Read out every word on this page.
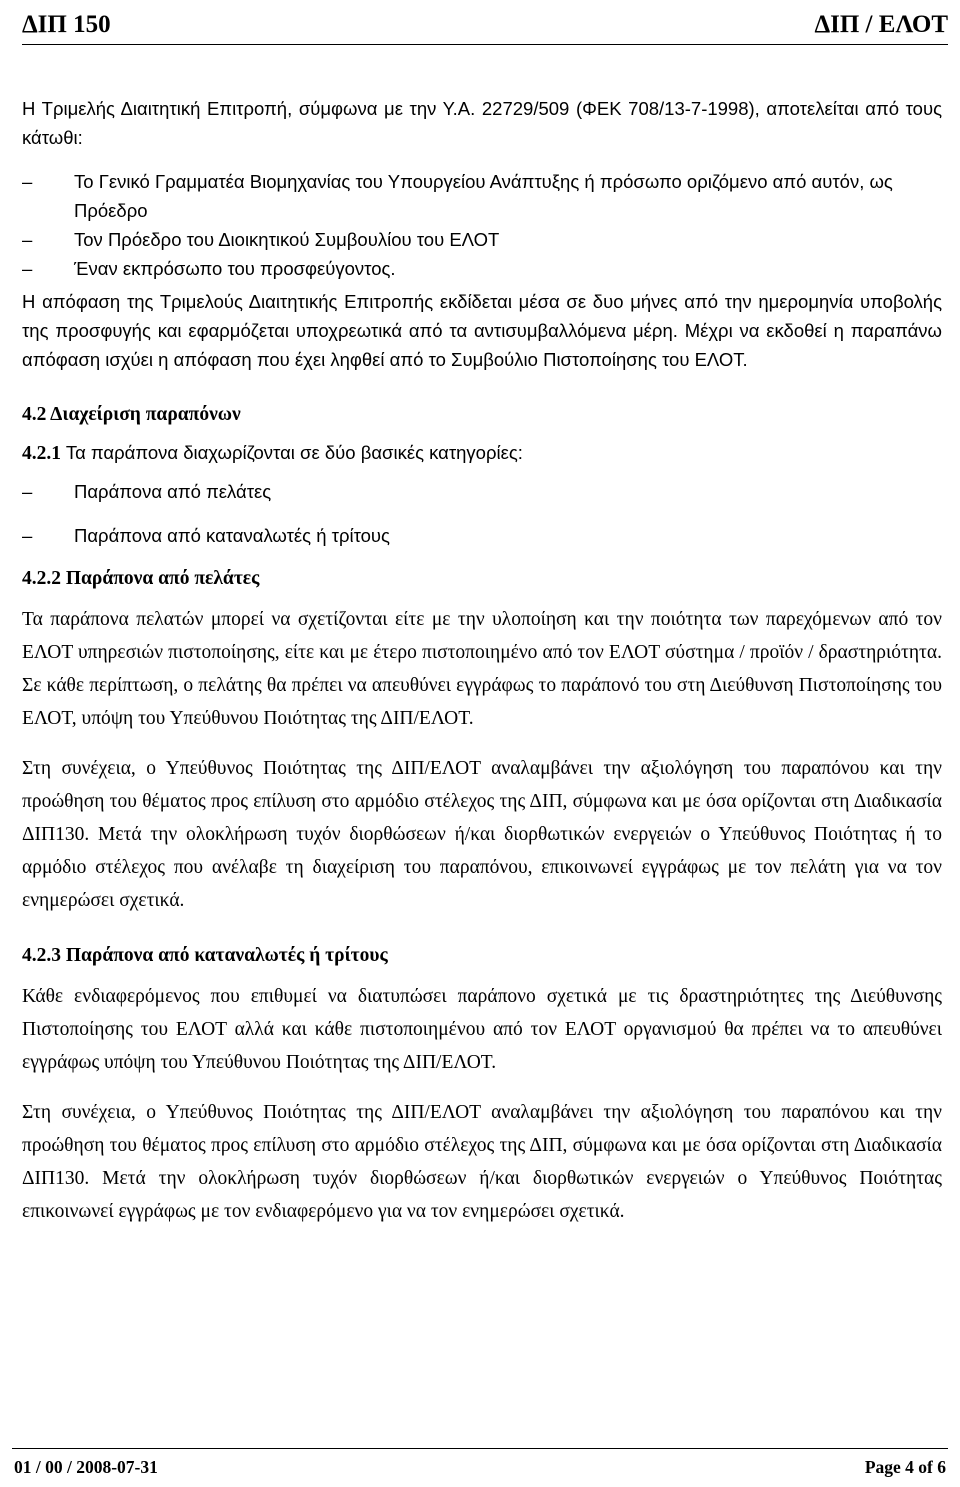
ΔΙΠ 150	ΔΙΠ / ΕΛΟΤ

Η Τριμελής Διαιτητική Επιτροπή, σύμφωνα με την Υ.Α. 22729/509 (ΦΕΚ 708/13-7-1998), αποτελείται από τους κάτωθι:

– Το Γενικό Γραμματέα Βιομηχανίας του Υπουργείου Ανάπτυξης ή πρόσωπο οριζόμενο από αυτόν, ως Πρόεδρο
– Τον Πρόεδρο του Διοικητικού Συμβουλίου του ΕΛΟΤ
– Έναν εκπρόσωπο του προσφεύγοντος.

Η απόφαση της Τριμελούς Διαιτητικής Επιτροπής εκδίδεται μέσα σε δυο μήνες από την ημερομηνία υποβολής της προσφυγής και εφαρμόζεται υποχρεωτικά από τα αντισυμβαλλόμενα μέρη. Μέχρι να εκδοθεί η παραπάνω απόφαση ισχύει η απόφαση που έχει ληφθεί από το Συμβούλιο Πιστοποίησης του ΕΛΟΤ.

4.2 Διαχείριση παραπόνων

4.2.1 Τα παράπονα διαχωρίζονται σε δύο βασικές κατηγορίες:

– Παράπονα από πελάτες
– Παράπονα από καταναλωτές ή τρίτους
4.2.2 Παράπονα από πελάτες

Τα παράπονα πελατών μπορεί να σχετίζονται είτε με την υλοποίηση και την ποιότητα των παρεχόμενων από τον ΕΛΟΤ υπηρεσιών πιστοποίησης, είτε και με έτερο πιστοποιημένο από τον ΕΛΟΤ σύστημα / προϊόν / δραστηριότητα. Σε κάθε περίπτωση, ο πελάτης θα πρέπει να απευθύνει εγγράφως το παράπονό του στη Διεύθυνση Πιστοποίησης του ΕΛΟΤ, υπόψη του Υπεύθυνου Ποιότητας της ΔΙΠ/ΕΛΟΤ.

Στη συνέχεια, ο Υπεύθυνος Ποιότητας της ΔΙΠ/ΕΛΟΤ αναλαμβάνει την αξιολόγηση του παραπόνου και την προώθηση του θέματος προς επίλυση στο αρμόδιο στέλεχος της ΔΙΠ, σύμφωνα και με όσα ορίζονται στη Διαδικασία ΔΙΠ130. Μετά την ολοκλήρωση τυχόν διορθώσεων ή/και διορθωτικών ενεργειών ο Υπεύθυνος Ποιότητας ή το αρμόδιο στέλεχος που ανέλαβε τη διαχείριση του παραπόνου, επικοινωνεί εγγράφως με τον πελάτη για να τον ενημερώσει σχετικά.

4.2.3 Παράπονα από καταναλωτές ή τρίτους

Κάθε ενδιαφερόμενος που επιθυμεί να διατυπώσει παράπονο σχετικά με τις δραστηριότητες της Διεύθυνσης Πιστοποίησης του ΕΛΟΤ αλλά και κάθε πιστοποιημένου από τον ΕΛΟΤ οργανισμού θα πρέπει να το απευθύνει εγγράφως υπόψη του Υπεύθυνου Ποιότητας της ΔΙΠ/ΕΛΟΤ.

Στη συνέχεια, ο Υπεύθυνος Ποιότητας της ΔΙΠ/ΕΛΟΤ αναλαμβάνει την αξιολόγηση του παραπόνου και την προώθηση του θέματος προς επίλυση στο αρμόδιο στέλεχος της ΔΙΠ, σύμφωνα και με όσα ορίζονται στη Διαδικασία ΔΙΠ130. Μετά την ολοκλήρωση τυχόν διορθώσεων ή/και διορθωτικών ενεργειών ο Υπεύθυνος Ποιότητας επικοινωνεί εγγράφως με τον ενδιαφερόμενο για να τον ενημερώσει σχετικά.

01 / 00 / 2008-07-31	Page 4 of 6
